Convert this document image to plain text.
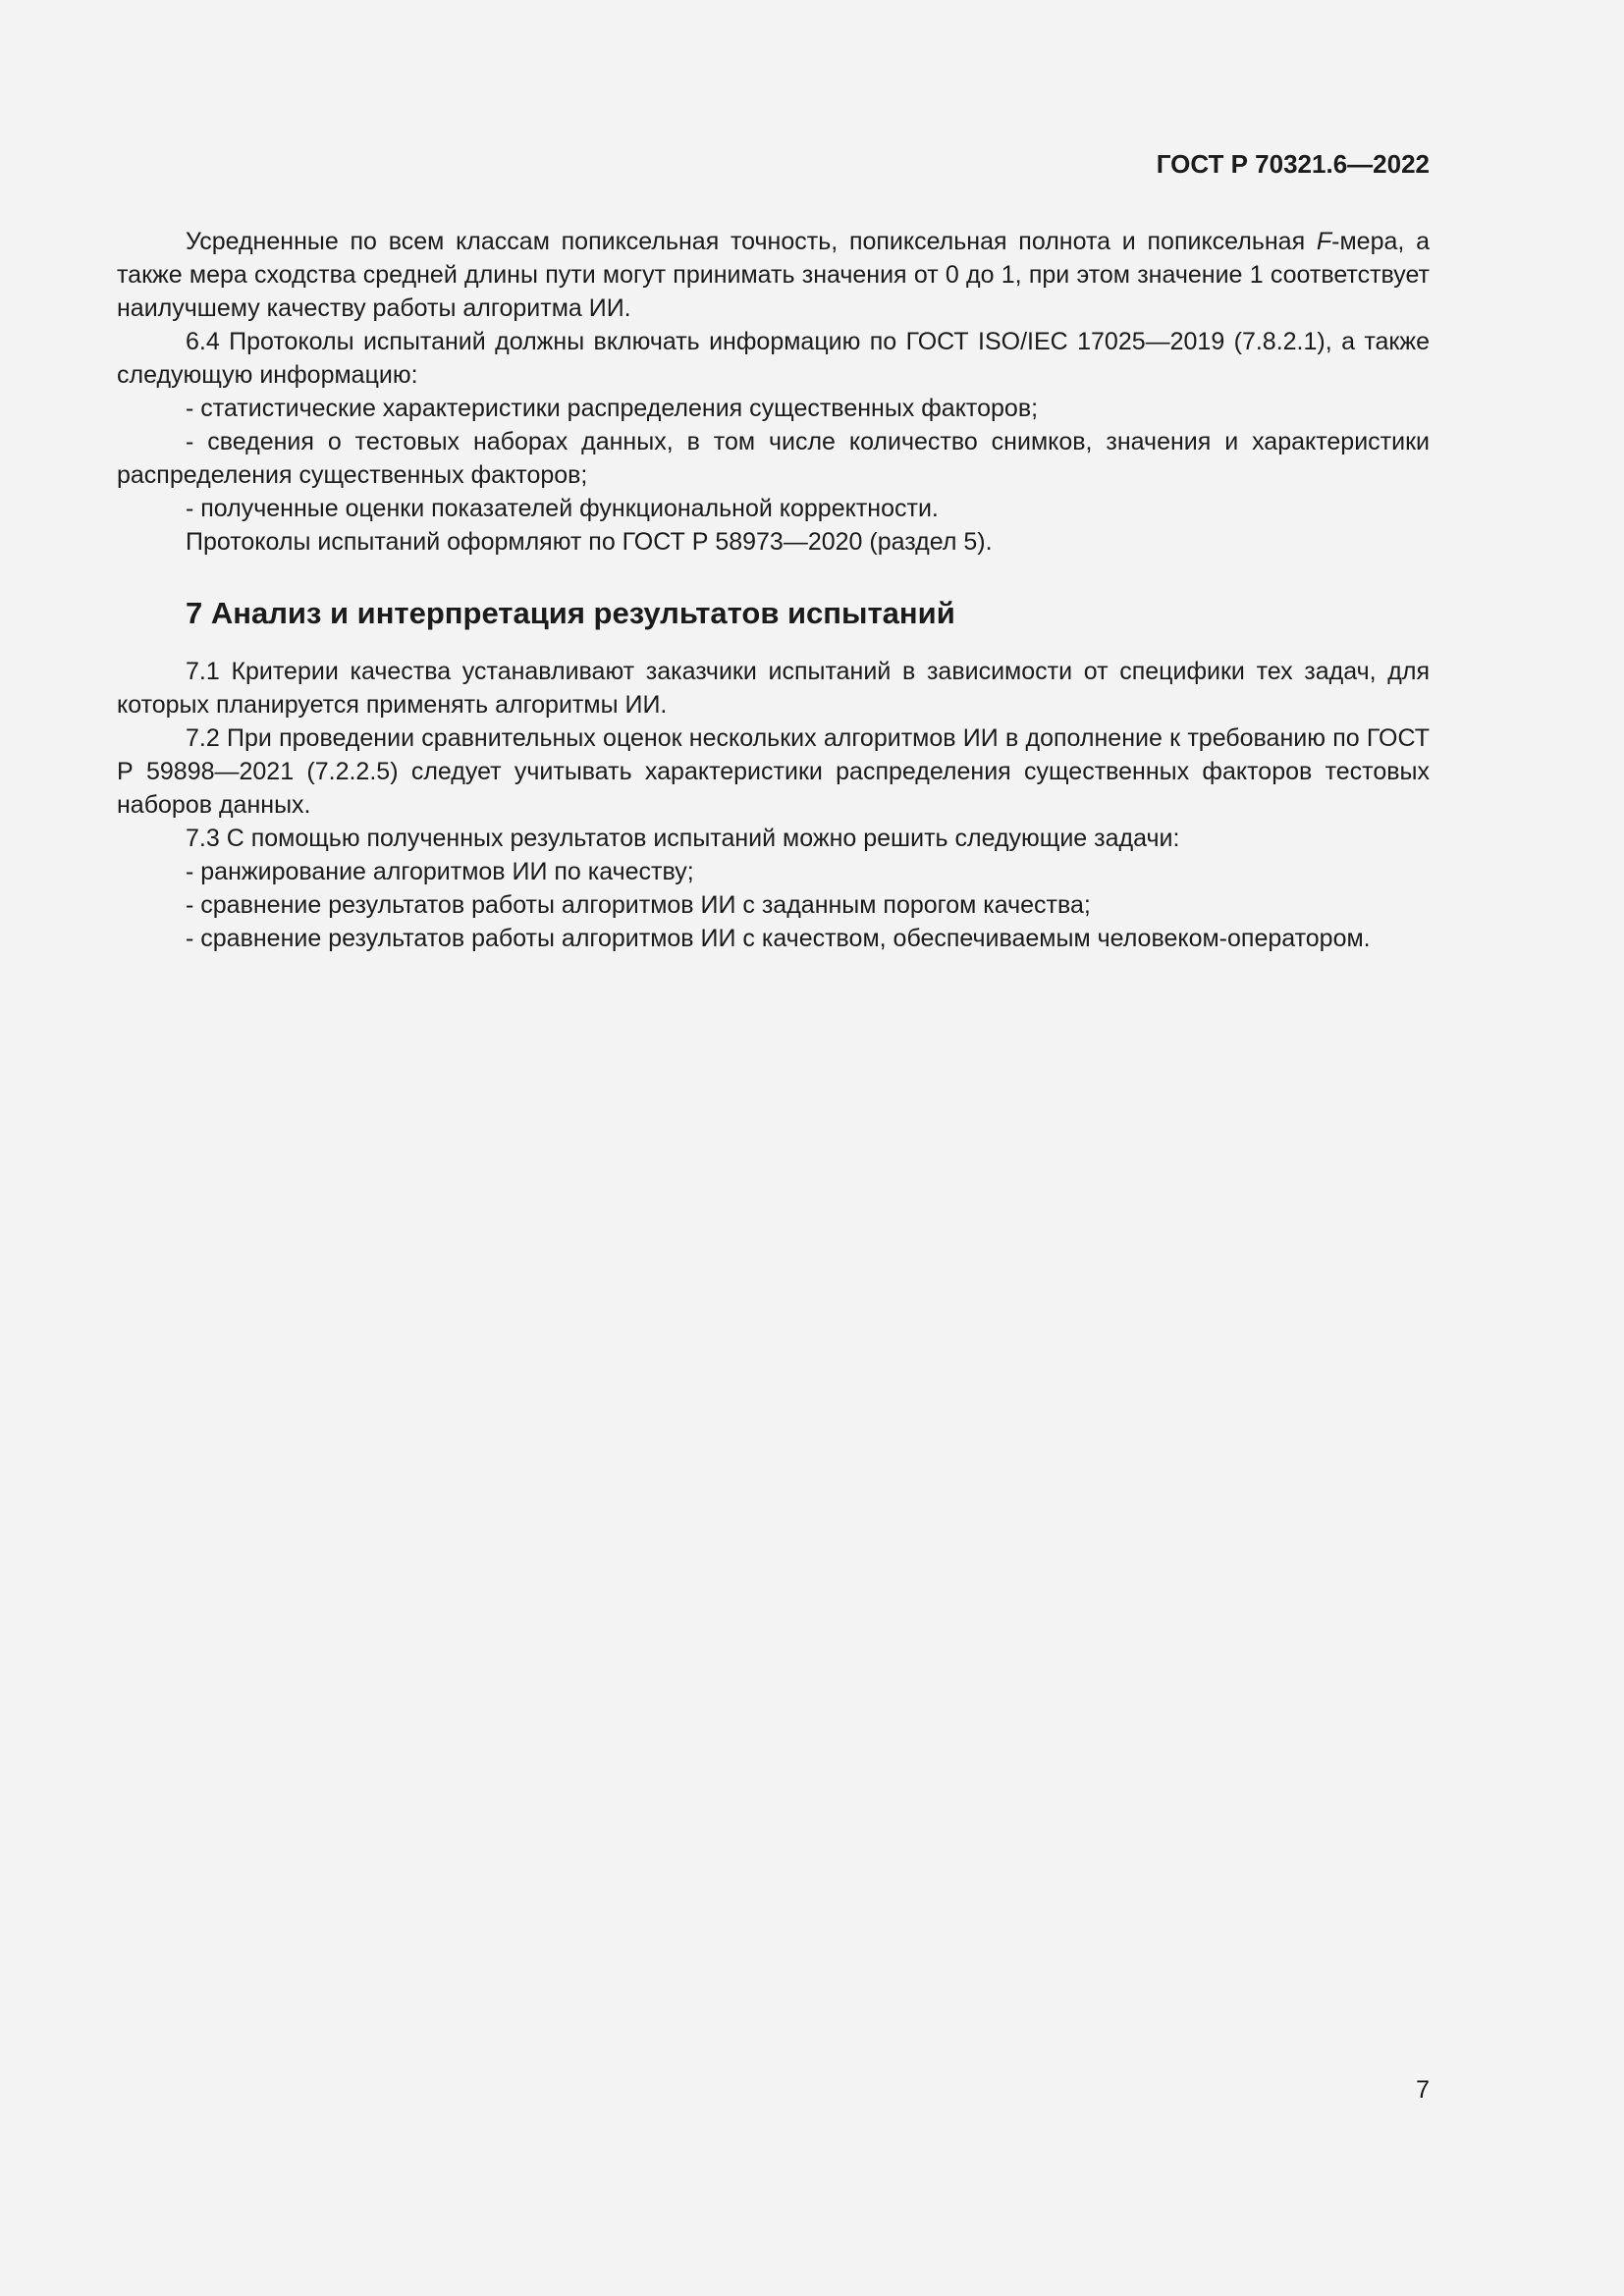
ГОСТ Р 70321.6—2022

Усредненные по всем классам попиксельная точность, попиксельная полнота и попиксельная F-мера, а также мера сходства средней длины пути могут принимать значения от 0 до 1, при этом значение 1 соответствует наилучшему качеству работы алгоритма ИИ.

6.4 Протоколы испытаний должны включать информацию по ГОСТ ISO/IEC 17025—2019 (7.8.2.1), а также следующую информацию:

- статистические характеристики распределения существенных факторов;

- сведения о тестовых наборах данных, в том числе количество снимков, значения и характеристики распределения существенных факторов;

- полученные оценки показателей функциональной корректности.

Протоколы испытаний оформляют по ГОСТ Р 58973—2020 (раздел 5).

7 Анализ и интерпретация результатов испытаний

7.1 Критерии качества устанавливают заказчики испытаний в зависимости от специфики тех задач, для которых планируется применять алгоритмы ИИ.

7.2 При проведении сравнительных оценок нескольких алгоритмов ИИ в дополнение к требованию по ГОСТ Р 59898—2021 (7.2.2.5) следует учитывать характеристики распределения существенных факторов тестовых наборов данных.

7.3 С помощью полученных результатов испытаний можно решить следующие задачи:

- ранжирование алгоритмов ИИ по качеству;

- сравнение результатов работы алгоритмов ИИ с заданным порогом качества;

- сравнение результатов работы алгоритмов ИИ с качеством, обеспечиваемым человеком-оператором.

7
